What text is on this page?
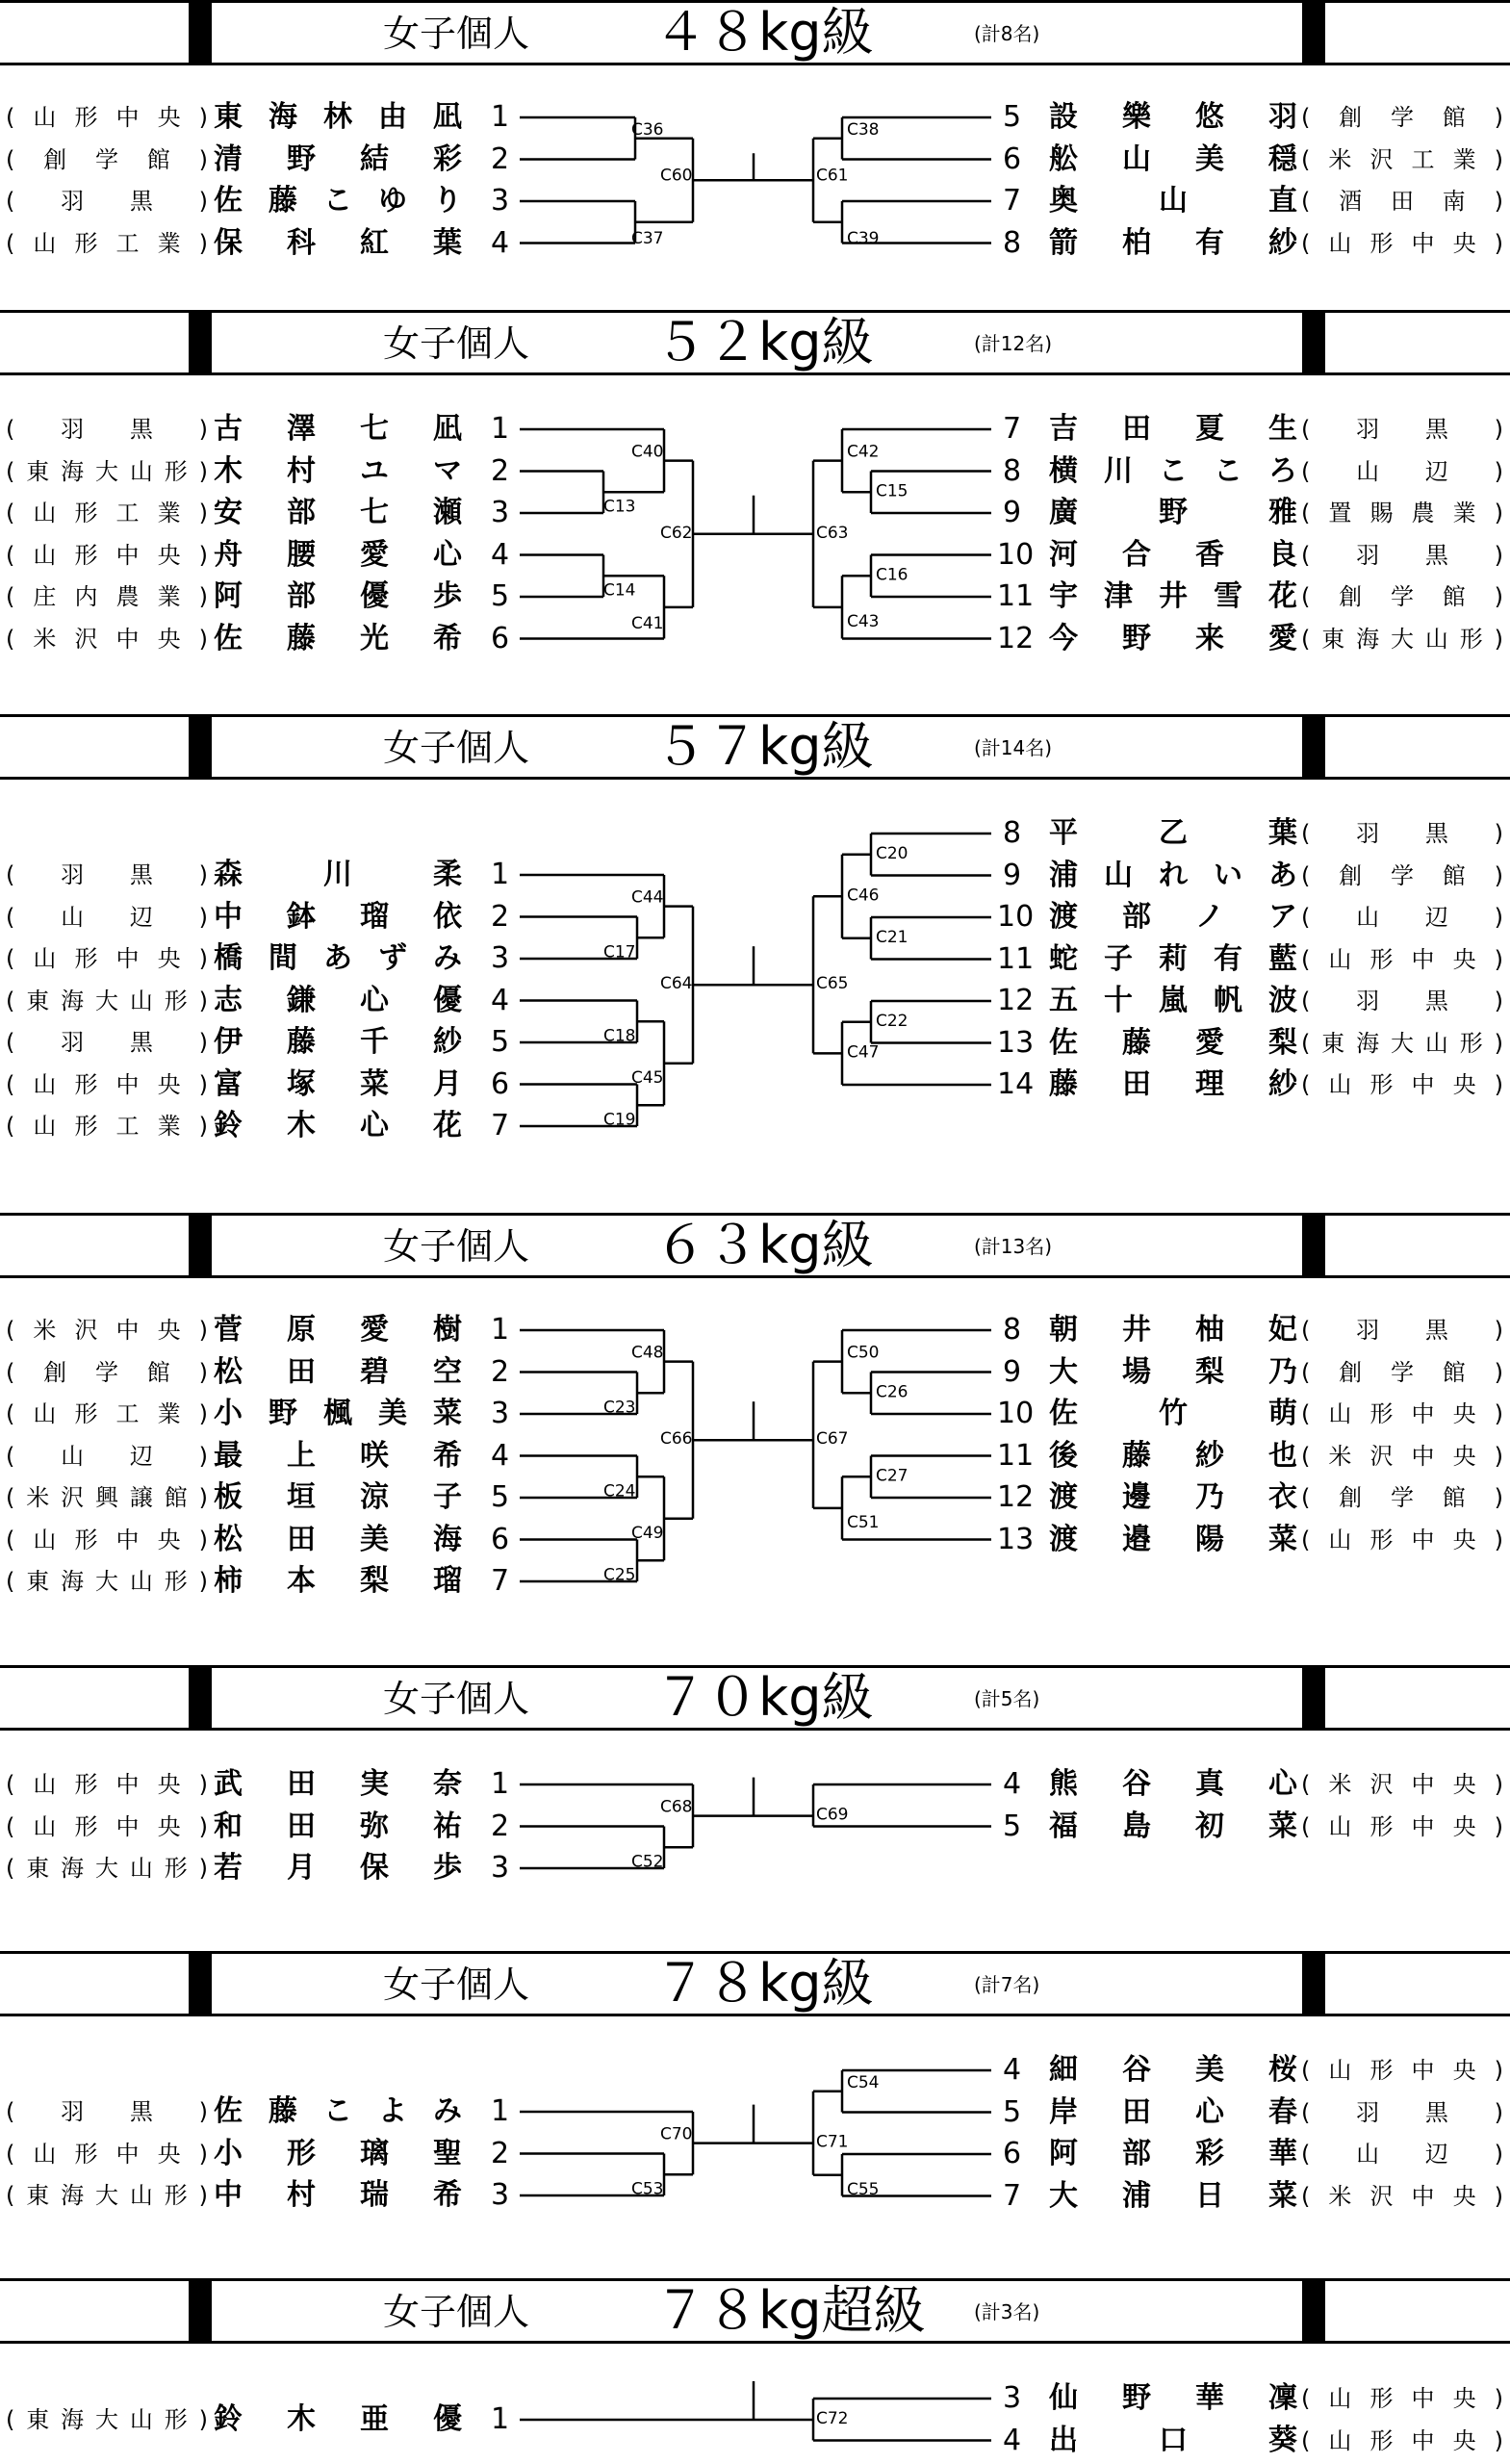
C36
C37
C60
C38
C39
C61
C40
C13
C62
C14
C41
C42
C15
C63
C16
C43
C44
C17
C64
C18
C45
C19
C20
C46
C21
C65
C22
C47
C48
C23
C66
C24
C49
C25
C50
C26
C67
C27
C51
C68
C52
C69
C70
C53
C54
C71
C55
C72
女子個人 ４８kg級	(計8名)
(山形中央) 東海林由凪 1
(創学館) 清野結彩 2
(羽黒) 佐藤こゆり 3
(山形工業) 保科紅葉 4
5 設樂悠羽 (創学館)
6 舩山美穏 (米沢工業)
7 奥山直 (酒田南)
8 箭柏有紗 (山形中央)
女子個人 ５２kg級	(計12名)
(羽黒) 古澤七凪 1
(東海大山形) 木村ユマ 2
(山形工業) 安部七瀬 3
(山形中央) 舟腰愛心 4
(庄内農業) 阿部優歩 5
(米沢中央) 佐藤光希 6
7 吉田夏生 (羽黒)
8 横川こころ (山辺)
9 廣野雅 (置賜農業)
10 河合香良 (羽黒)
11 宇津井雪花 (創学館)
12 今野来愛 (東海大山形)
女子個人 ５７kg級	(計14名)
(羽黒) 森川柔 1
(山辺) 中鉢瑠依 2
(山形中央) 橋間あずみ 3
(東海大山形) 志鎌心優 4
(羽黒) 伊藤千紗 5
(山形中央) 富塚菜月 6
(山形工業) 鈴木心花 7
8 平乙葉 (羽黒)
9 浦山れいあ (創学館)
10 渡部ノア (山辺)
11 蛇子莉有藍 (山形中央)
12 五十嵐帆波 (羽黒)
13 佐藤愛梨 (東海大山形)
14 藤田理紗 (山形中央)
女子個人 ６３kg級	(計13名)
(米沢中央) 菅原愛樹 1
(創学館) 松田碧空 2
(山形工業) 小野楓美菜 3
(山辺) 最上咲希 4
(米沢興譲館) 板垣涼子 5
(山形中央) 松田美海 6
(東海大山形) 柿本梨瑠 7
8 朝井柚妃 (羽黒)
9 大場梨乃 (創学館)
10 佐竹萌 (山形中央)
11 後藤紗也 (米沢中央)
12 渡邊乃衣 (創学館)
13 渡邉陽菜 (山形中央)
女子個人 ７０kg級	(計5名)
(山形中央) 武田実奈 1
(山形中央) 和田弥祐 2
(東海大山形) 若月保歩 3
4 熊谷真心 (米沢中央)
5 福島初菜 (山形中央)
女子個人 ７８kg級	(計7名)
(羽黒) 佐藤こよみ 1
(山形中央) 小形璃聖 2
(東海大山形) 中村瑞希 3
4 細谷美桜 (山形中央)
5 岸田心春 (羽黒)
6 阿部彩華 (山辺)
7 大浦日菜 (米沢中央)
女子個人 ７８kg超級	(計3名)
(東海大山形) 鈴木亜優 1
3 仙野華凜 (山形中央)
4 出口葵 (山形中央)
